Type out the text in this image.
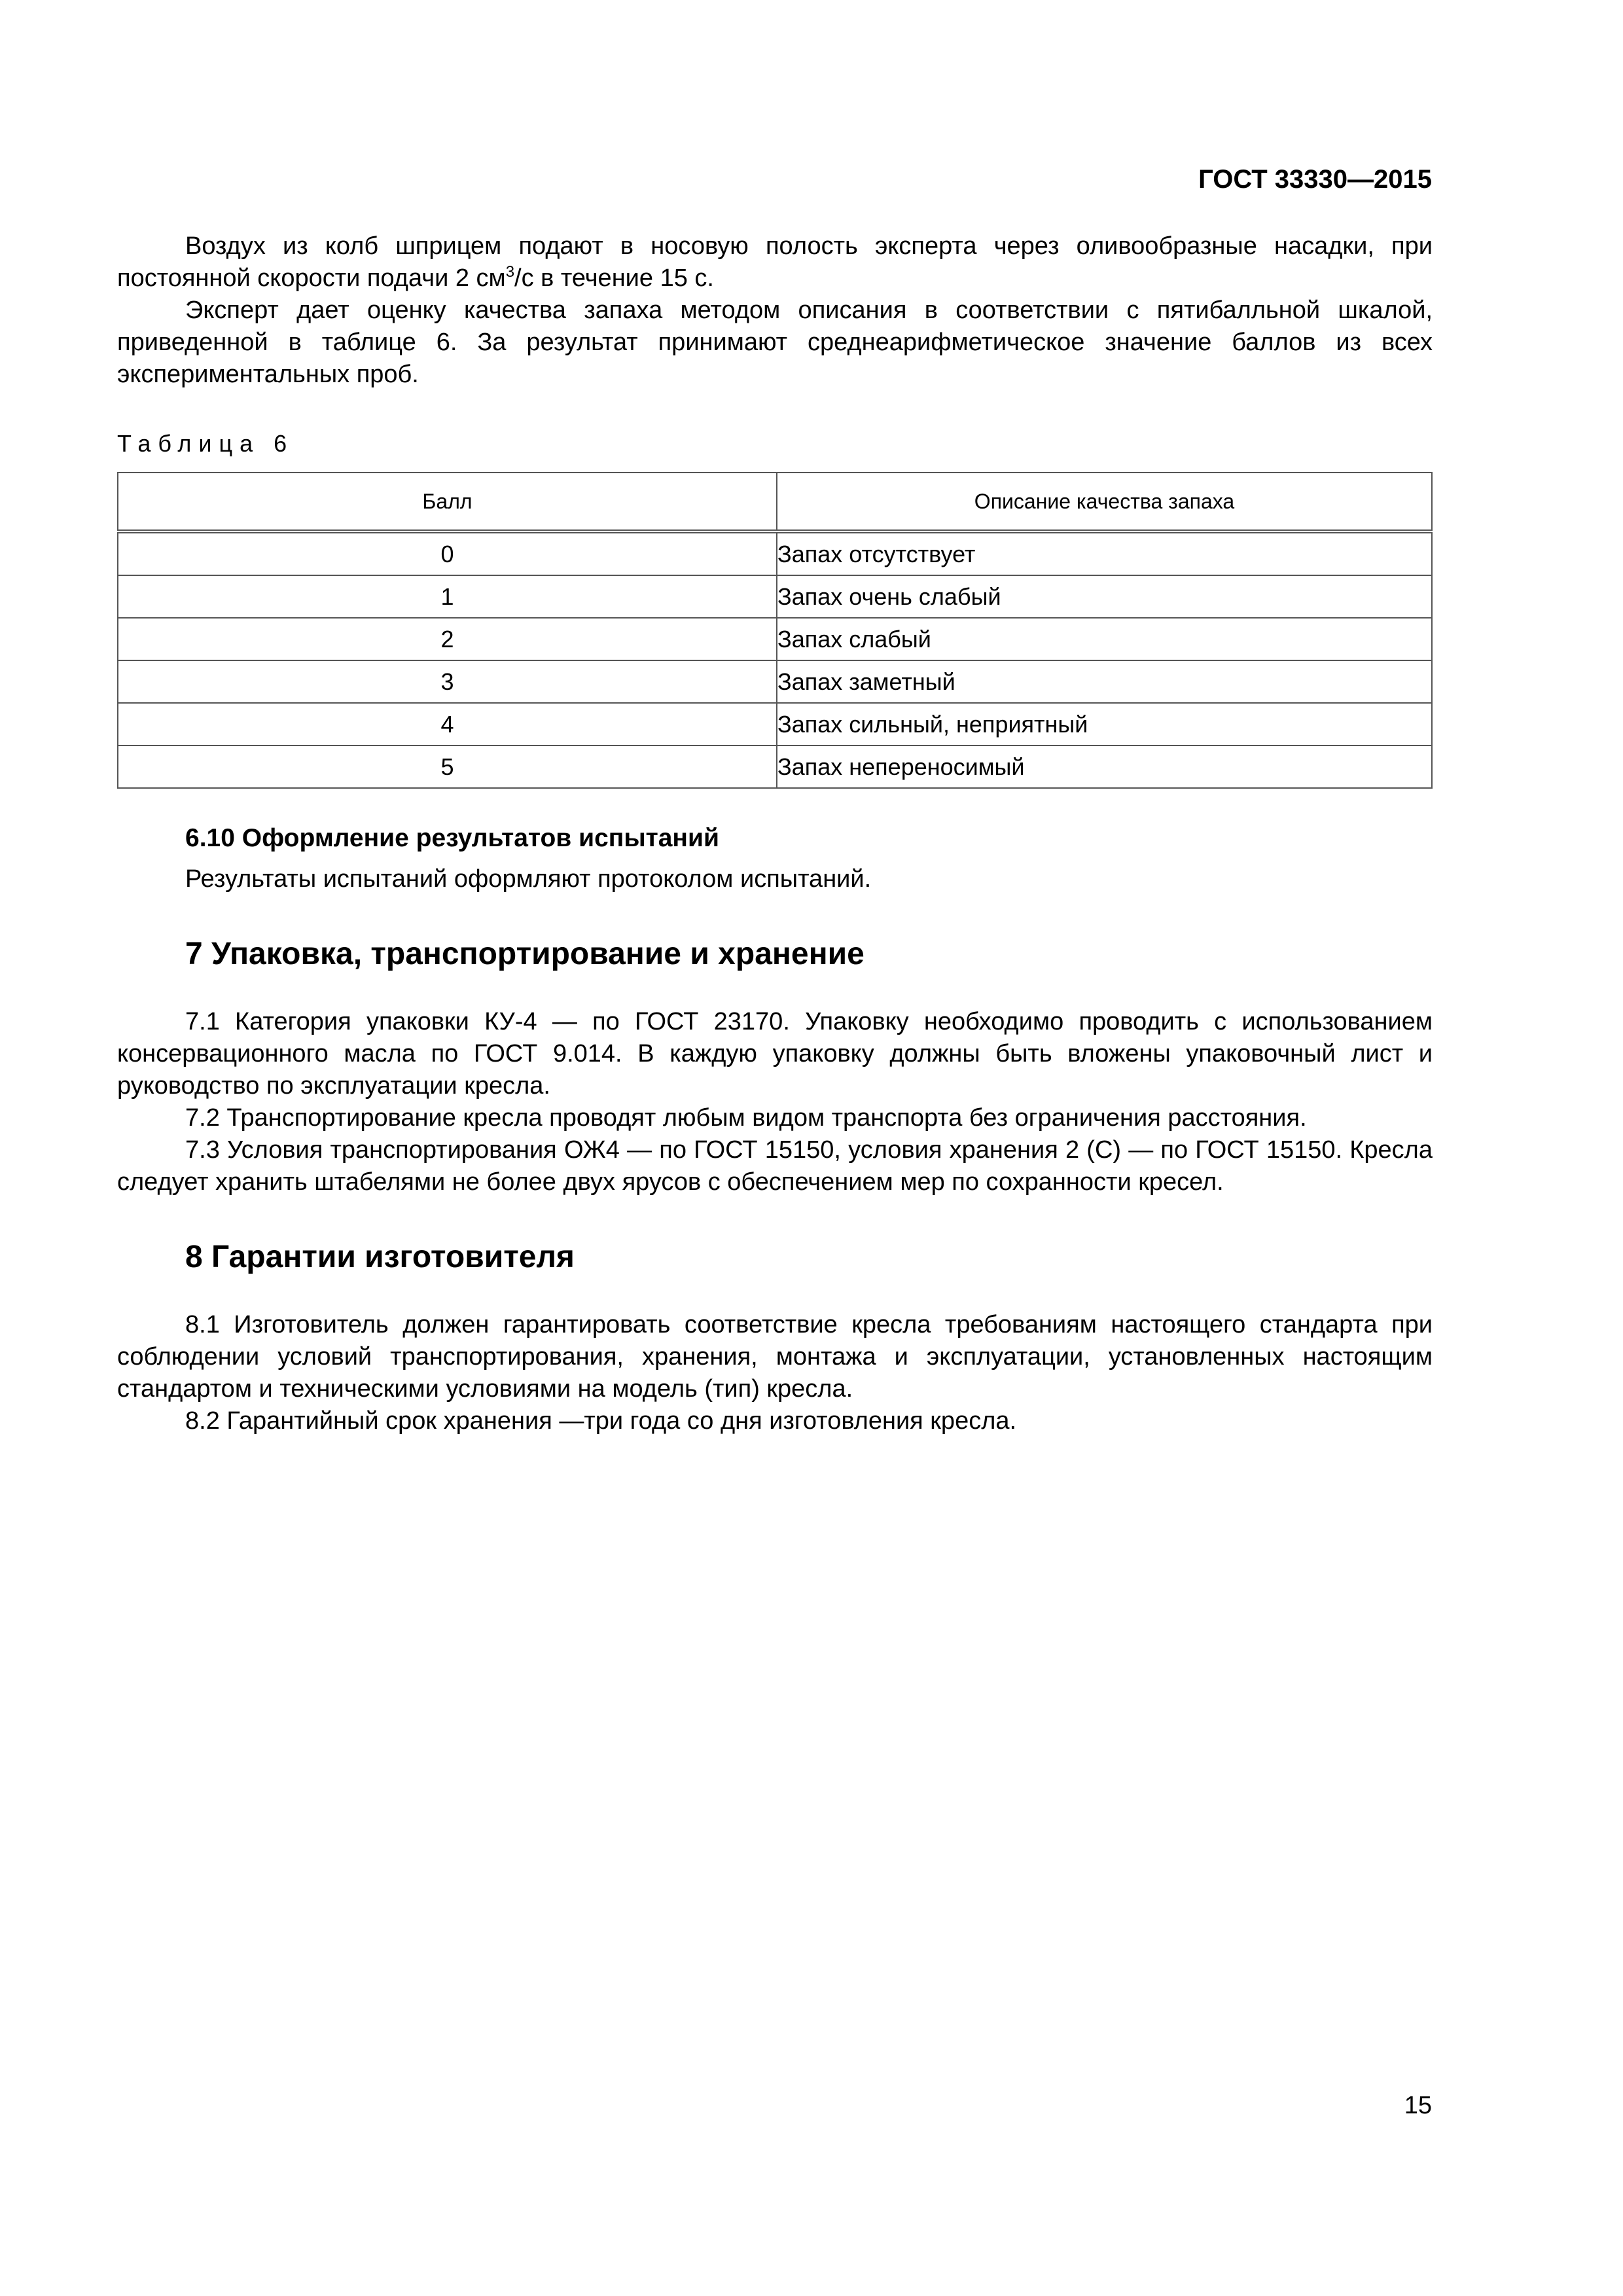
ГОСТ 33330—2015

Воздух из колб шприцем подают в носовую полость эксперта через оливообразные насадки, при постоянной скорости подачи 2 $см^3/с$ в течение 15 с.

Эксперт дает оценку качества запаха методом описания в соответствии с пятибалльной шкалой, приведенной в таблице 6. За результат принимают среднеарифметическое значение баллов из всех экспериментальных проб.

Таблица 6
Балл	Описание качества запаха
0	Запах отсутствует
1	Запах очень слабый
2	Запах слабый
3	Запах заметный
4	Запах сильный, неприятный
5	Запах непереносимый
6.10 Оформление результатов испытаний

Результаты испытаний оформляют протоколом испытаний.

7 Упаковка, транспортирование и хранение

7.1 Категория упаковки КУ-4 — по ГОСТ 23170. Упаковку необходимо проводить с использованием консервационного масла по ГОСТ 9.014. В каждую упаковку должны быть вложены упаковочный лист и руководство по эксплуатации кресла.

7.2 Транспортирование кресла проводят любым видом транспорта без ограничения расстояния.

7.3 Условия транспортирования ОЖ4 — по ГОСТ 15150, условия хранения 2 (С) — по ГОСТ 15150. Кресла следует хранить штабелями не более двух ярусов с обеспечением мер по сохранности кресел.

8 Гарантии изготовителя

8.1 Изготовитель должен гарантировать соответствие кресла требованиям настоящего стандарта при соблюдении условий транспортирования, хранения, монтажа и эксплуатации, установленных настоящим стандартом и техническими условиями на модель (тип) кресла.

8.2 Гарантийный срок хранения —три года со дня изготовления кресла.

15
